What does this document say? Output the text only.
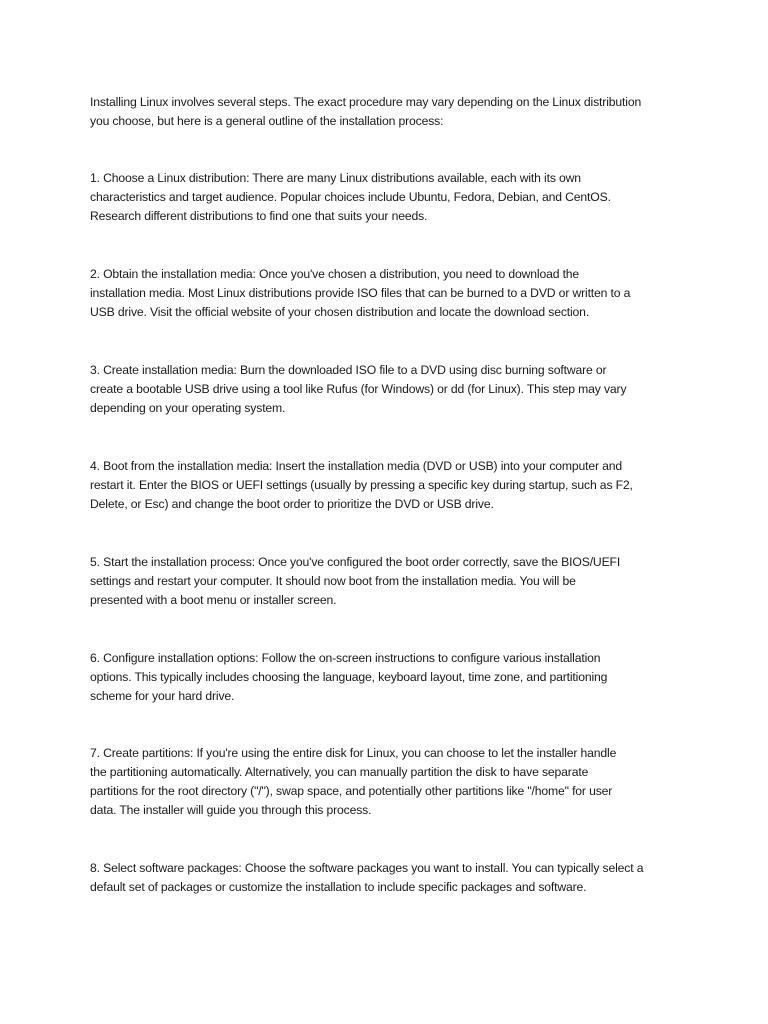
Installing Linux involves several steps. The exact procedure may vary depending on the Linux distribution
you choose, but here is a general outline of the installation process:

1. Choose a Linux distribution: There are many Linux distributions available, each with its own
characteristics and target audience. Popular choices include Ubuntu, Fedora, Debian, and CentOS.
Research different distributions to find one that suits your needs.

2. Obtain the installation media: Once you've chosen a distribution, you need to download the
installation media. Most Linux distributions provide ISO files that can be burned to a DVD or written to a
USB drive. Visit the official website of your chosen distribution and locate the download section.

3. Create installation media: Burn the downloaded ISO file to a DVD using disc burning software or
create a bootable USB drive using a tool like Rufus (for Windows) or dd (for Linux). This step may vary
depending on your operating system.

4. Boot from the installation media: Insert the installation media (DVD or USB) into your computer and
restart it. Enter the BIOS or UEFI settings (usually by pressing a specific key during startup, such as F2,
Delete, or Esc) and change the boot order to prioritize the DVD or USB drive.

5. Start the installation process: Once you've configured the boot order correctly, save the BIOS/UEFI
settings and restart your computer. It should now boot from the installation media. You will be
presented with a boot menu or installer screen.

6. Configure installation options: Follow the on-screen instructions to configure various installation
options. This typically includes choosing the language, keyboard layout, time zone, and partitioning
scheme for your hard drive.

7. Create partitions: If you're using the entire disk for Linux, you can choose to let the installer handle
the partitioning automatically. Alternatively, you can manually partition the disk to have separate
partitions for the root directory ("/"), swap space, and potentially other partitions like "/home" for user
data. The installer will guide you through this process.

8. Select software packages: Choose the software packages you want to install. You can typically select a
default set of packages or customize the installation to include specific packages and software.
